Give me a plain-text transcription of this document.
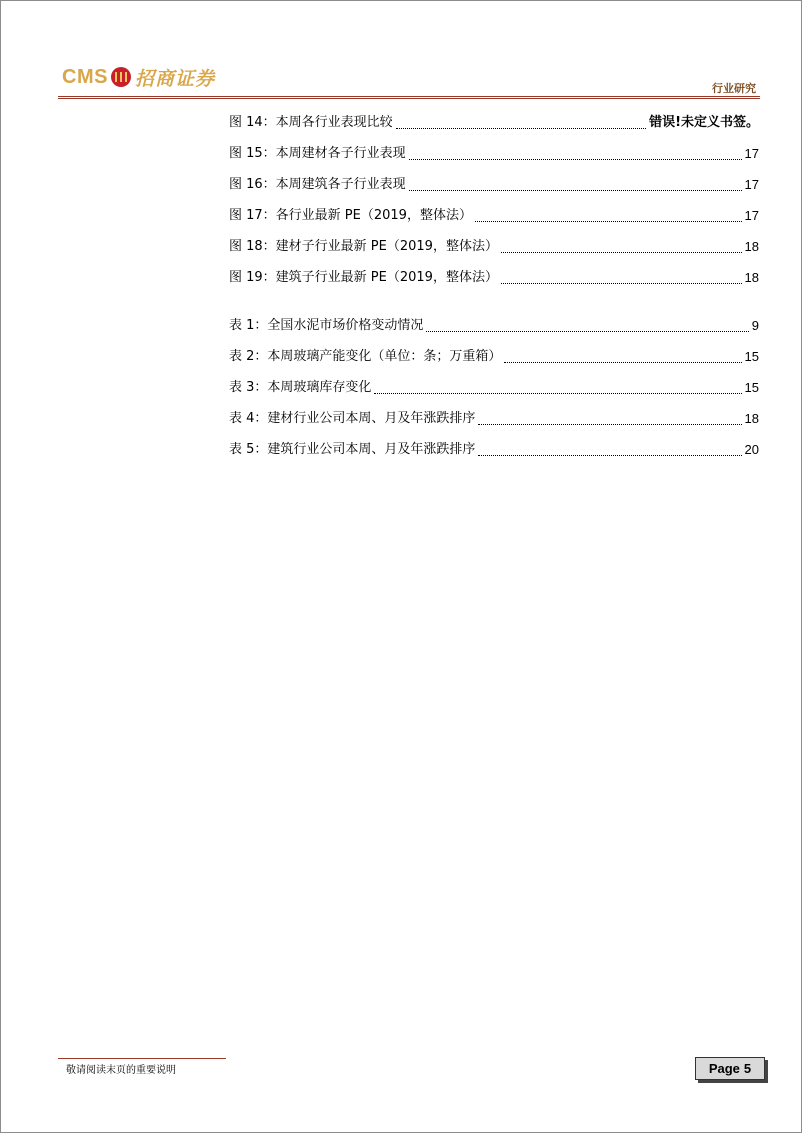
CMS 招商证券	行业研究
图 14：本周各行业表现比较	错误!未定义书签。
图 15：本周建材各子行业表现	17
图 16：本周建筑各子行业表现	17
图 17：各行业最新 PE（2019，整体法）	17
图 18：建材子行业最新 PE（2019，整体法）	18
图 19：建筑子行业最新 PE（2019，整体法）	18
表 1：全国水泥市场价格变动情况	9
表 2：本周玻璃产能变化（单位：条；万重箱）	15
表 3：本周玻璃库存变化	15
表 4：建材行业公司本周、月及年涨跌排序	18
表 5：建筑行业公司本周、月及年涨跌排序	20
敬请阅读末页的重要说明	Page 5
